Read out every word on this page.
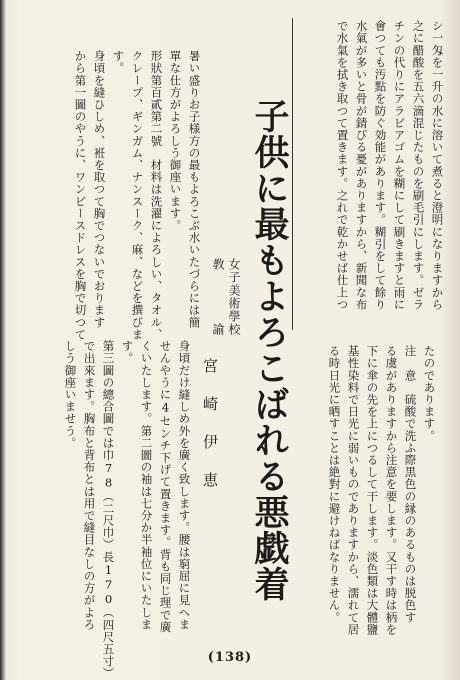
シ一匁を一升の水に溶いて煮ると澄明になりますから
之に醋酸を五六滴混じたものを刷毛引にします。ゼラ
チンの代りにアラビアゴムを糊にして刷きますと雨に
會つても汚點を防ぐ効能があります。糊引をして餘り
水氣が多いと骨が錆びる憂がありますから、新聞な布
で水氣を拭き取つて置きます。之れで乾かせば仕上つ
たのであります。
注　意　硫酸で洗ふ際黒色の縁のあるものは脱色す
る虞がありますから注意を要します。又干す時は柄を
下に傘の先を上につるして干します。淡色類は大體鹽
基性染料で日光に弱いものでありますから、濡れて居
る時日光に晒すことは絶對に避けねばなりません。
子供に最もよろこばれる悪戯着
女子美術學校
教　　　　諭
宮崎伊恵
暑い盛りお子様方の最もよろこぶ水いたづらには簡
單な仕方がよろしう御座います。
形狀第百貳第二號　材料は洗濯によろしい、タオル、
クレープ、ギンガム、ナンスーク、麻、などを撰びま
す。
身頃を縫ひしめ、袵を取つて胸でつないでおります
から第一圖のやうに、ワンピースドレスを胸で切つて
身頃だけ縫しめ外を廣く致します。腰は窮屈に見へま
せんやうに4センチ下げて置きます。背も同じ理で廣
くいたします。第二圖の袖は七分か半袖位にいたしま
す。
第三圖の總合圖では巾78（二尺巾）長170（四尺五寸）
で出來ます。胸布と背布とは用で縫目なしの方がよろ
しう御座いませう。
(138)
